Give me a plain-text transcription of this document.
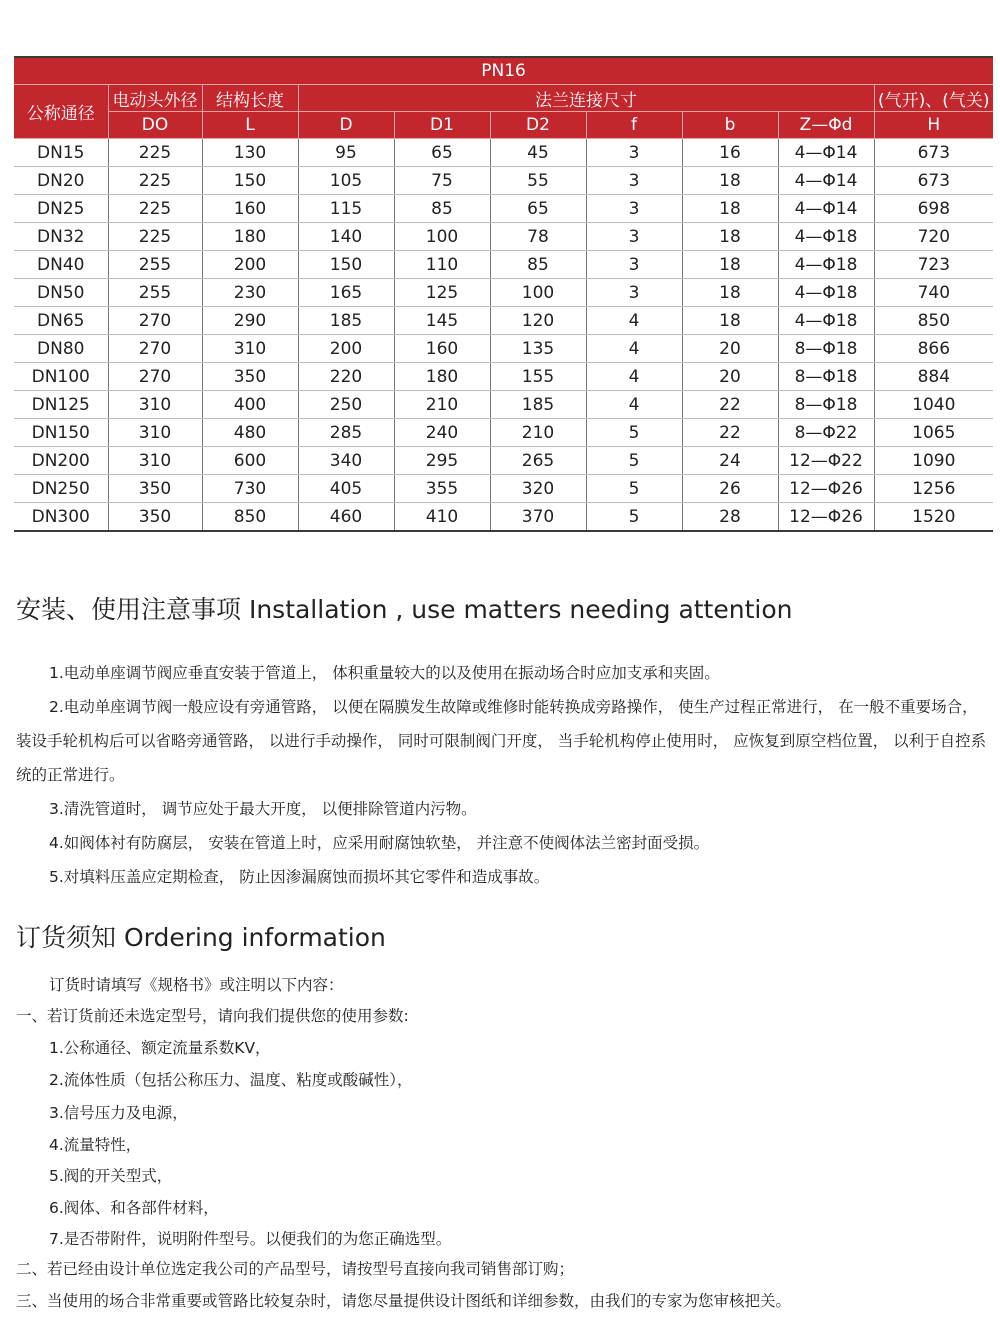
PN16									
公称通径	电动头外径	结构长度	法兰连接尺寸						(气开)、(气关)
	DO	L	D	D1	D2	f	b	Z—Φd	H
DN15	225	130	95	65	45	3	16	4—Φ14	673
DN20	225	150	105	75	55	3	18	4—Φ14	673
DN25	225	160	115	85	65	3	18	4—Φ14	698
DN32	225	180	140	100	78	3	18	4—Φ18	720
DN40	255	200	150	110	85	3	18	4—Φ18	723
DN50	255	230	165	125	100	3	18	4—Φ18	740
DN65	270	290	185	145	120	4	18	4—Φ18	850
DN80	270	310	200	160	135	4	20	8—Φ18	866
DN100	270	350	220	180	155	4	20	8—Φ18	884
DN125	310	400	250	210	185	4	22	8—Φ18	1040
DN150	310	480	285	240	210	5	22	8—Φ22	1065
DN200	310	600	340	295	265	5	24	12—Φ22	1090
DN250	350	730	405	355	320	5	26	12—Φ26	1256
DN300	350	850	460	410	370	5	28	12—Φ26	1520
安装、使用注意事项 Installation , use matters needing attention

1.电动单座调节阀应垂直安装于管道上， 体积重量较大的以及使用在振动场合时应加支承和夹固。

2.电动单座调节阀一般应设有旁通管路， 以便在隔膜发生故障或维修时能转换成旁路操作， 使生产过程正常进行， 在一般不重要场合， 装设手轮机构后可以省略旁通管路， 以进行手动操作， 同时可限制阀门开度， 当手轮机构停止使用时， 应恢复到原空档位置， 以利于自控系统的正常进行。

3.清洗管道时， 调节应处于最大开度， 以便排除管道内污物。

4.如阀体衬有防腐层， 安装在管道上时，应采用耐腐蚀软垫， 并注意不使阀体法兰密封面受损。

5.对填料压盖应定期检查， 防止因渗漏腐蚀而损坏其它零件和造成事故。

订货须知 Ordering information

订货时请填写《规格书》或注明以下内容：

一、若订货前还未选定型号，请向我们提供您的使用参数:

1.公称通径、额定流量系数KV，

2.流体性质（包括公称压力、温度、粘度或酸碱性），

3.信号压力及电源，

4.流量特性，

5.阀的开关型式，

6.阀体、和各部件材料，

7.是否带附件，说明附件型号。以便我们的为您正确选型。

二、若已经由设计单位选定我公司的产品型号，请按型号直接向我司销售部订购；

三、当使用的场合非常重要或管路比较复杂时，请您尽量提供设计图纸和详细参数，由我们的专家为您审核把关。
